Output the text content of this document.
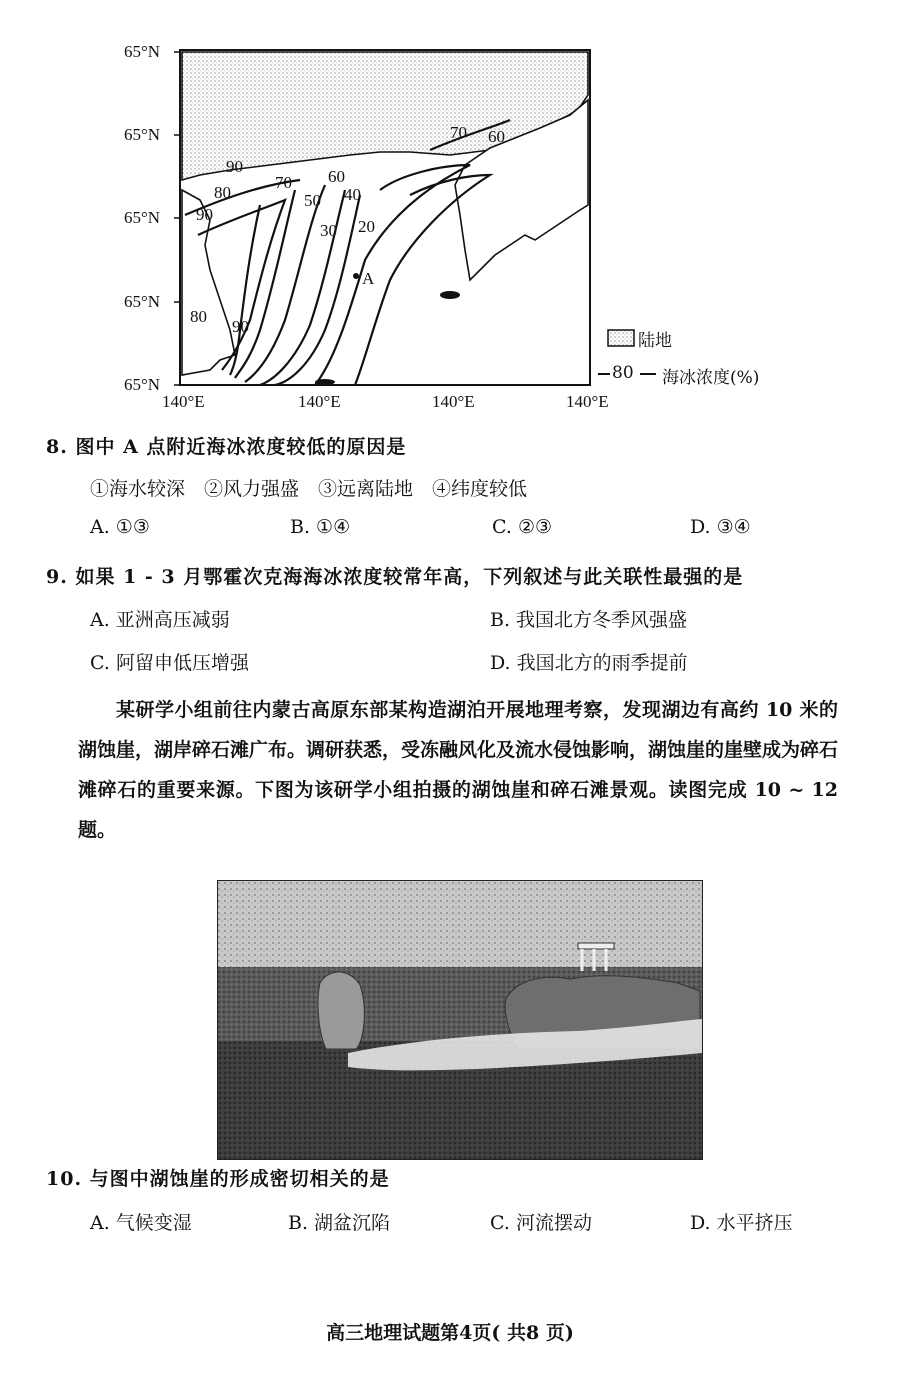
90
80
90
70 60
50 40
30 20
70 60
80
90
A
65°N
65°N
65°N
65°N
65°N
140°E	140°E	140°E	140°E
陆地
80 海冰浓度(%)
8. 图中 A 点附近海冰浓度较低的原因是
①海水较深　②风力强盛　③远离陆地　④纬度较低
A. ①③	B. ①④	C. ②③	D. ③④
9. 如果 1 - 3 月鄂霍次克海海冰浓度较常年高，下列叙述与此关联性最强的是
A. 亚洲高压减弱	B. 我国北方冬季风强盛
C. 阿留申低压增强	D. 我国北方的雨季提前
某研学小组前往内蒙古高原东部某构造湖泊开展地理考察，发现湖边有高约 10 米的湖蚀崖，湖岸碎石滩广布。调研获悉，受冻融风化及流水侵蚀影响，湖蚀崖的崖壁成为碎石滩碎石的重要来源。下图为该研学小组拍摄的湖蚀崖和碎石滩景观。读图完成 10 ~ 12 题。
10. 与图中湖蚀崖的形成密切相关的是
A. 气候变湿	B. 湖盆沉陷	C. 河流摆动	D. 水平挤压
高三地理试题第4页( 共8 页)
